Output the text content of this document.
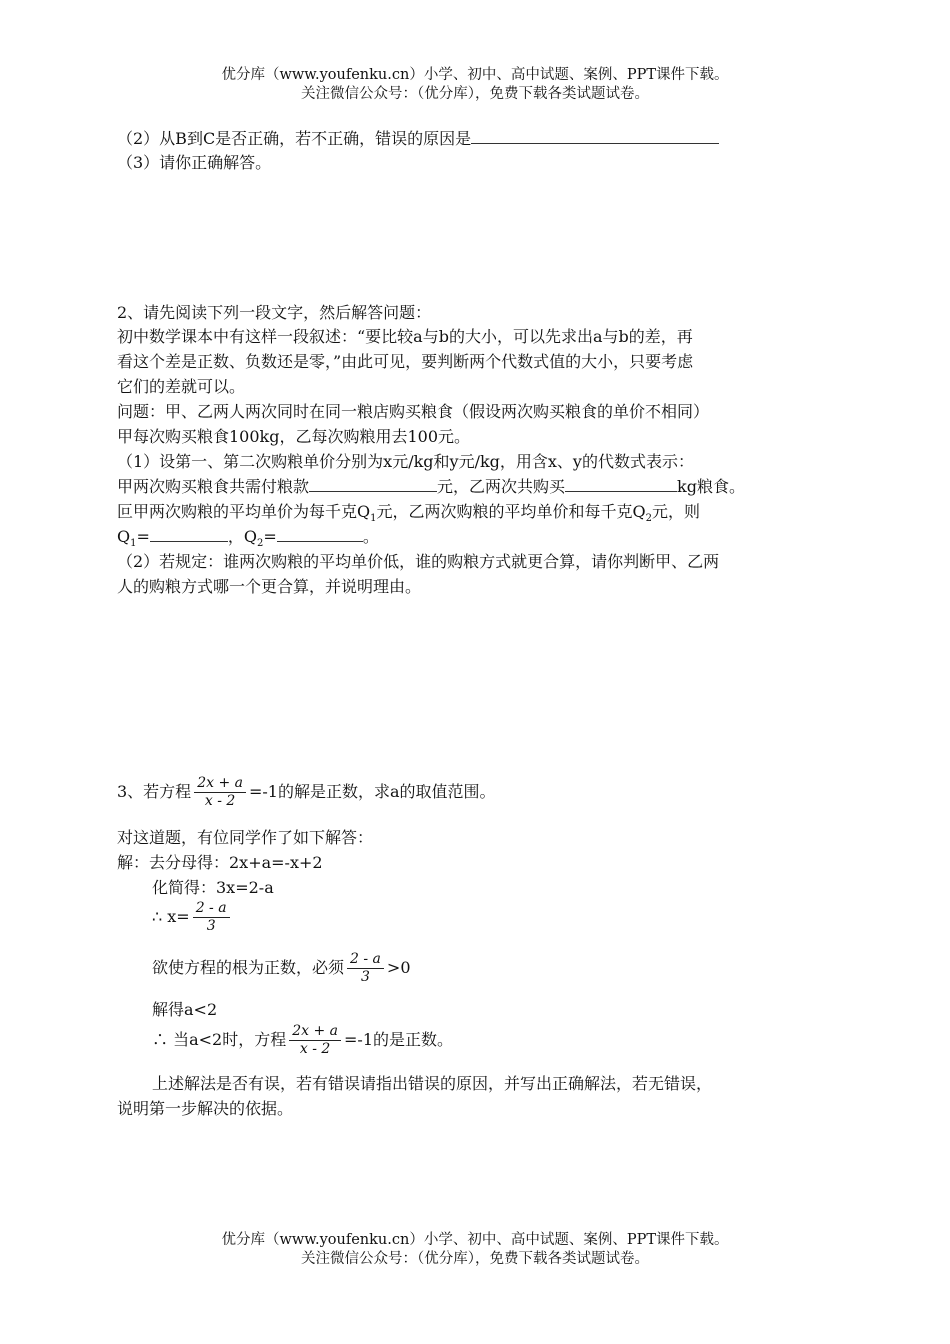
优分库（www.youfenku.cn）小学、初中、高中试题、案例、PPT课件下载。
关注微信公众号：（优分库），免费下载各类试题试卷。
（2）从B到C是否正确，若不正确，错误的原因是
（3）请你正确解答。
2、请先阅读下列一段文字，然后解答问题：
初中数学课本中有这样一段叙述：“要比较a与b的大小，可以先求出a与b的差，再
看这个差是正数、负数还是零，”由此可见，要判断两个代数式值的大小，只要考虑
它们的差就可以。
问题：甲、乙两人两次同时在同一粮店购买粮食（假设两次购买粮食的单价不相同）
甲每次购买粮食100kg，乙每次购粮用去100元。
（1）设第一、第二次购粮单价分别为x元/kg和y元/kg，用含x、y的代数式表示：
甲两次购买粮食共需付粮款	元，乙两次共购买	kg粮食。
叵甲两次购粮的平均单价为每千克$Q_1$元，乙两次购粮的平均单价和每千克$Q_2$元，则
$Q_1=$	，$Q_2=$	。
（2）若规定：谁两次购粮的平均单价低，谁的购粮方式就更合算，请你判断甲、乙两
人的购粮方式哪一个更合算，并说明理由。
3、若方程 $\frac{2x + a}{x - 2} =-1$的解是正数，求a的取值范围。
对这道题，有位同学作了如下解答：
解：去分母得：2x+a=-x+2
化简得：3x=2-a
∴ $x= \frac{2 - a}{3}$
欲使方程的根为正数，必须 $\frac{2 - a}{3} >0$
解得a<2
∴ 当a<2时，方程 $\frac{2x + a}{x - 2} =-1$的是正数。
上述解法是否有误，若有错误请指出错误的原因，并写出正确解法，若无错误，
说明第一步解决的依据。
优分库（www.youfenku.cn）小学、初中、高中试题、案例、PPT课件下载。
关注微信公众号：（优分库），免费下载各类试题试卷。
